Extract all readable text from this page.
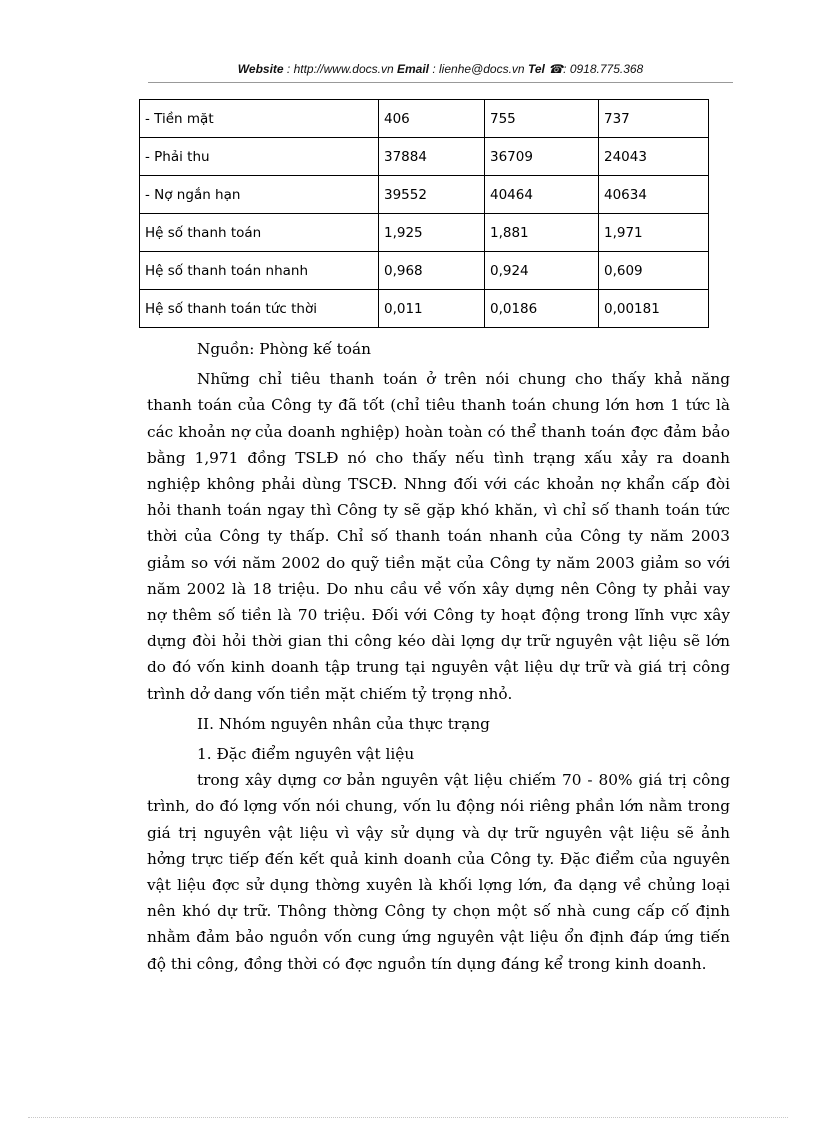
Website : http://www.docs.vn Email : lienhe@docs.vn Tel ☎: 0918.775.368
- Tiền mặt	406	755	737
- Phải thu	37884	36709	24043
- Nợ ngắn hạn	39552	40464	40634
Hệ số thanh toán	1,925	1,881	1,971
Hệ số thanh toán nhanh	0,968	0,924	0,609
Hệ số thanh toán tức thời	0,011	0,0186	0,00181

Nguồn: Phòng kế toán

Những chỉ tiêu thanh toán ở trên nói chung cho thấy khả năng thanh toán của Công ty đã tốt (chỉ tiêu thanh toán chung lớn hơn 1 tức là các khoản nợ của doanh nghiệp) hoàn toàn có thể thanh toán đợc đảm bảo bằng 1,971 đồng TSLĐ nó cho thấy nếu tình trạng xấu xảy ra doanh nghiệp không phải dùng TSCĐ. Nhng đối với các khoản nợ khẩn cấp đòi hỏi thanh toán ngay thì Công ty sẽ gặp khó khăn, vì chỉ số thanh toán tức thời của Công ty thấp. Chỉ số thanh toán nhanh của Công ty năm 2003 giảm so với năm 2002 do quỹ tiền mặt của Công ty năm 2003 giảm so với năm 2002 là 18 triệu. Do nhu cầu về vốn xây dựng nên Công ty phải vay nợ thêm số tiền là 70 triệu. Đối với Công ty hoạt động trong lĩnh vực xây dựng đòi hỏi thời gian thi công kéo dài lợng dự trữ nguyên vật liệu sẽ lớn do đó vốn kinh doanh tập trung tại nguyên vật liệu dự trữ và giá trị công trình dở dang vốn tiền mặt chiếm tỷ trọng nhỏ.

II. Nhóm nguyên nhân của thực trạng

1. Đặc điểm nguyên vật liệu

trong xây dựng cơ bản nguyên vật liệu chiếm 70 - 80% giá trị công trình, do đó lợng vốn nói chung, vốn lu động nói riêng phần lớn nằm trong giá trị nguyên vật liệu vì vậy sử dụng và dự trữ nguyên vật liệu sẽ ảnh hởng trực tiếp đến kết quả kinh doanh của Công ty. Đặc điểm của nguyên vật liệu đợc sử dụng thờng xuyên là khối lợng lớn, đa dạng về chủng loại nên khó dự trữ. Thông thờng Công ty chọn một số nhà cung cấp cố định nhằm đảm bảo nguồn vốn cung ứng nguyên vật liệu ổn định đáp ứng tiến độ thi công, đồng thời có đợc nguồn tín dụng đáng kể trong kinh doanh.
